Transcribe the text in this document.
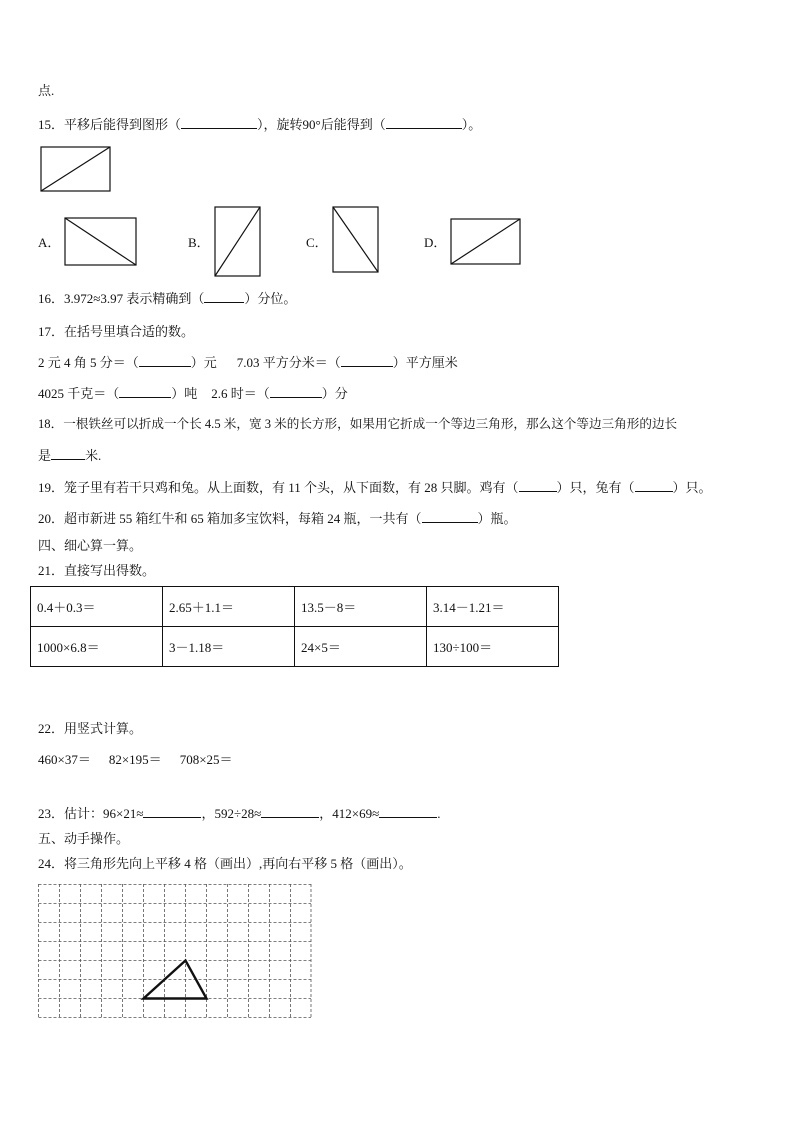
点.
15．平移后能得到图形（	），旋转90°后能得到（	）。
A．	B．	C．	D．
16．3.972≈3.97 表示精确到（	）分位。
17．在括号里填合适的数。
2 元 4 角 5 分＝（	）元 7.03 平方分米＝（	）平方厘米
4025 千克＝（	）吨 2.6 时＝（	）分
18．一根铁丝可以折成一个长 4.5 米，宽 3 米的长方形，如果用它折成一个等边三角形，那么这个等边三角形的边长
是	米.
19．笼子里有若干只鸡和兔。从上面数，有 11 个头，从下面数，有 28 只脚。鸡有（	）只，兔有（	）只。
20．超市新进 55 箱红牛和 65 箱加多宝饮料，每箱 24 瓶，一共有（	）瓶。
四、细心算一算。
21．直接写出得数。
0.4＋0.3＝	2.65＋1.1＝	13.5－8＝	3.14－1.21＝
1000×6.8＝	3－1.18＝	24×5＝	130÷100＝
22．用竖式计算。
460×37＝ 82×195＝ 708×25＝
23．估计：96×21≈	，592÷28≈	，412×69≈	.
五、动手操作。
24．将三角形先向上平移 4 格（画出）,再向右平移 5 格（画出）。
